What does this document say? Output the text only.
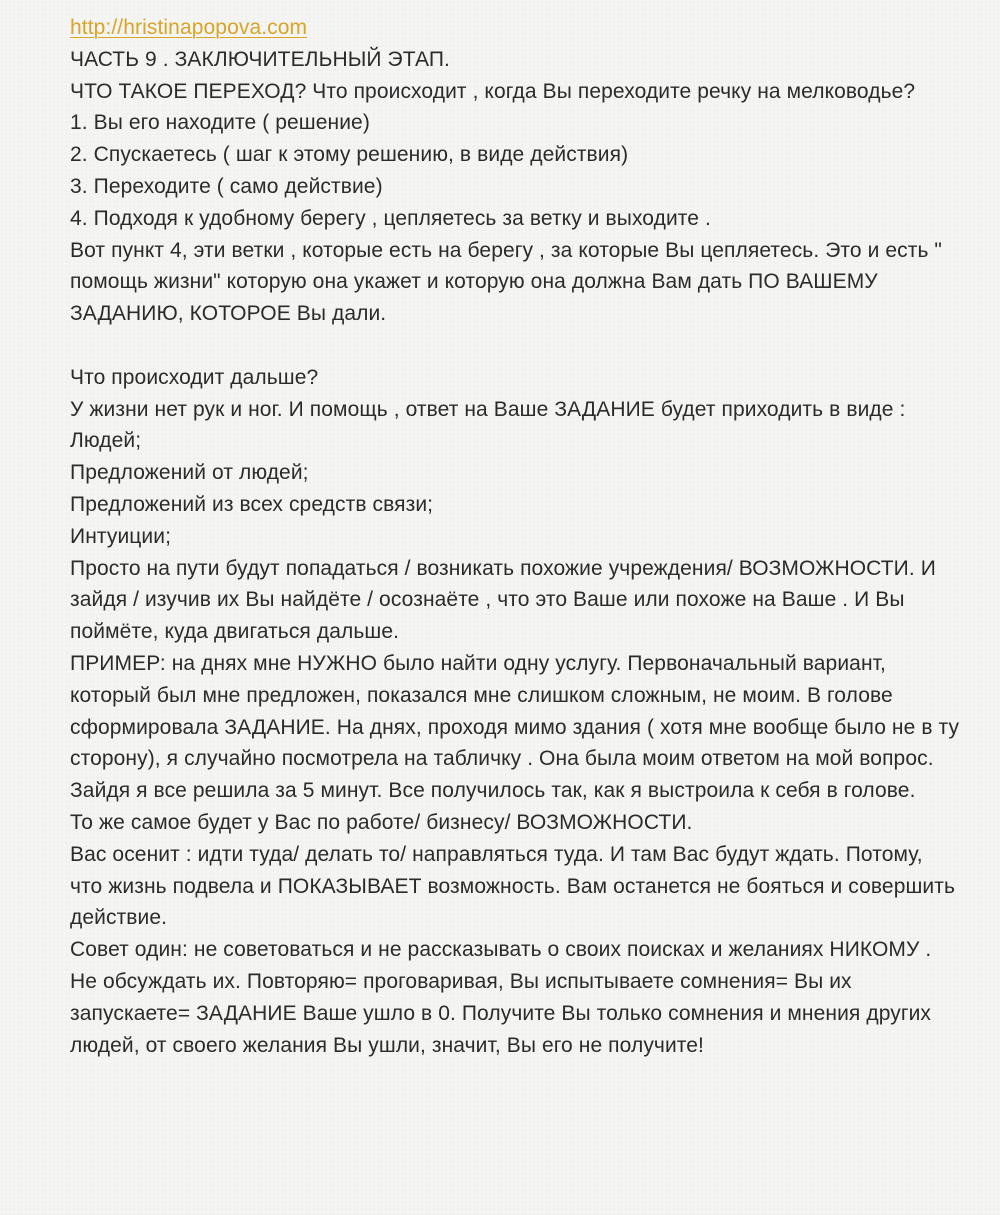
http://hristinapopova.com
ЧАСТЬ 9 . ЗАКЛЮЧИТЕЛЬНЫЙ ЭТАП.
ЧТО ТАКОЕ ПЕРЕХОД? Что происходит , когда Вы переходите речку на мелководье?
1. Вы его находите ( решение)
2. Спускаетесь ( шаг к этому решению, в виде действия)
3. Переходите ( само действие)
4. Подходя к удобному берегу , цепляетесь за ветку и выходите .
Вот пункт 4, эти ветки , которые есть на берегу , за которые Вы цепляетесь. Это и есть " помощь жизни" которую она укажет и которую она должна Вам дать ПО ВАШЕМУ ЗАДАНИЮ, КОТОРОЕ Вы дали.
Что происходит дальше?
У жизни нет рук и ног. И помощь , ответ на Ваше ЗАДАНИЕ будет приходить в виде :
Людей;
Предложений от людей;
Предложений из всех средств связи;
Интуиции;
Просто на пути будут попадаться / возникать похожие учреждения/ ВОЗМОЖНОСТИ. И зайдя / изучив их Вы найдёте / осознаёте , что это Ваше или похоже на Ваше . И Вы поймёте, куда двигаться дальше.
ПРИМЕР: на днях мне НУЖНО было найти одну услугу. Первоначальный вариант, который был мне предложен, показался мне слишком сложным, не моим. В голове сформировала ЗАДАНИЕ. На днях, проходя мимо здания ( хотя мне вообще было не в ту сторону), я случайно посмотрела на табличку . Она была моим ответом на мой вопрос. Зайдя я все решила за 5 минут. Все получилось так, как я выстроила к себя в голове.
То же самое будет у Вас по работе/ бизнесу/ ВОЗМОЖНОСТИ.
Вас осенит : идти туда/ делать то/ направляться туда. И там Вас будут ждать. Потому, что жизнь подвела и ПОКАЗЫВАЕТ возможность. Вам останется не бояться и совершить действие.
Совет один: не советоваться и не рассказывать о своих поисках и желаниях НИКОМУ . Не обсуждать их. Повторяю= проговаривая, Вы испытываете сомнения= Вы их запускаете= ЗАДАНИЕ Ваше ушло в 0. Получите Вы только сомнения и мнения других людей, от своего желания Вы ушли, значит, Вы его не получите!
